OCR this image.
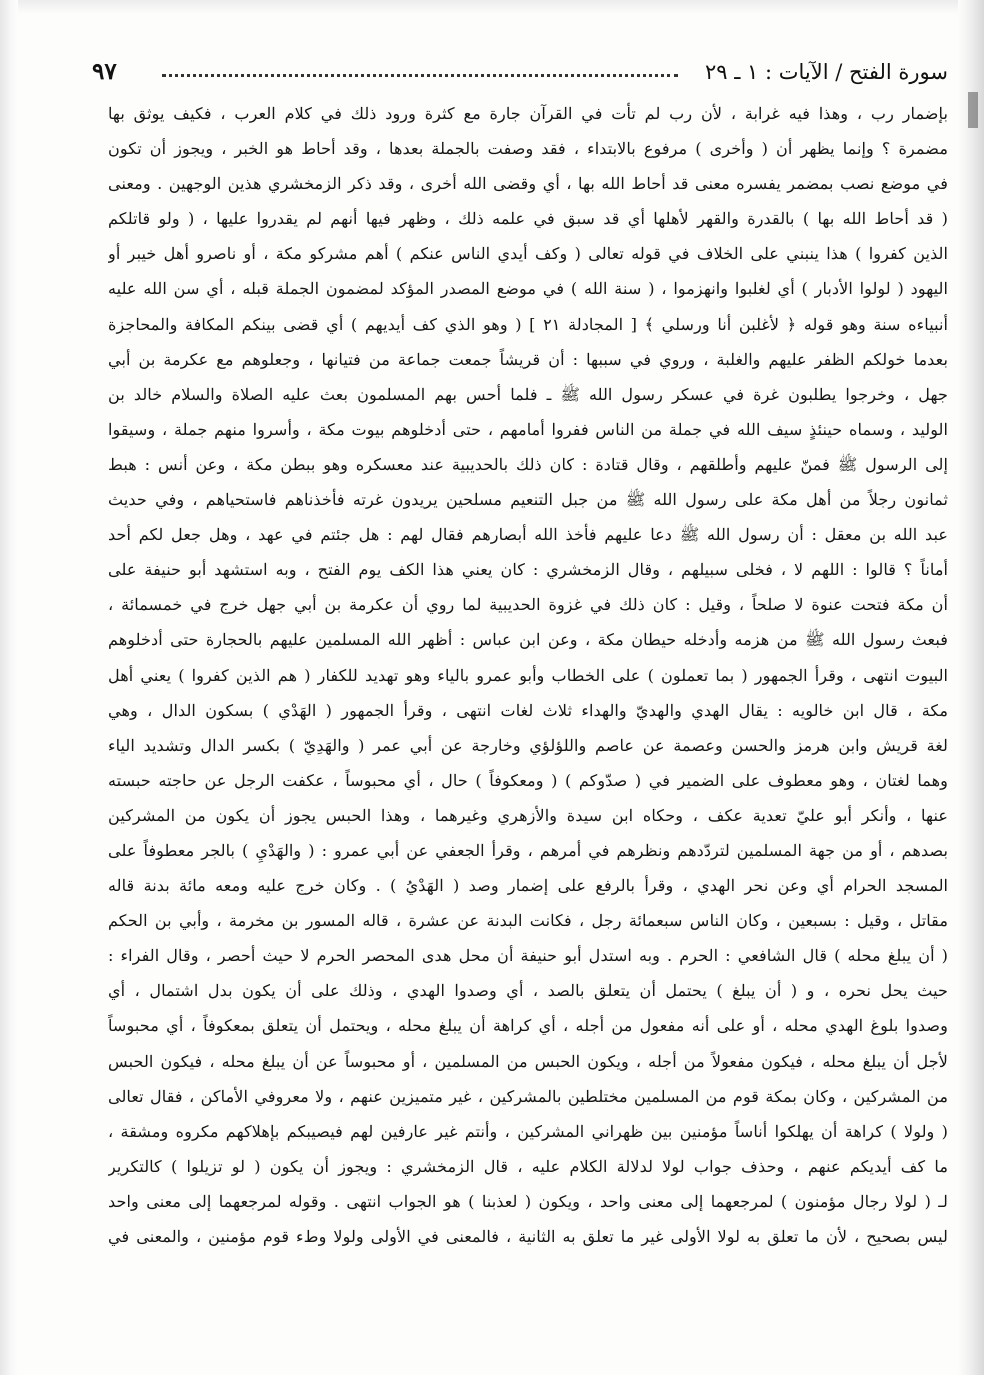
سورة الفتح / الآيات : ١ ـ ٢٩
٩٧
بإضمار رب ، وهذا فيه غرابة ، لأن رب لم تأت في القرآن جارة مع كثرة ورود ذلك في كلام العرب ، فكيف يوثق بها
مضمرة ؟ وإنما يظهر أن ( وأخرى ) مرفوع بالابتداء ، فقد وصفت بالجملة بعدها ، وقد أحاط هو الخبر ، ويجوز أن تكون
في موضع نصب بمضمر يفسره معنى قد أحاط الله بها ، أي وقضى الله أخرى ، وقد ذكر الزمخشري هذين الوجهين . ومعنى
( قد أحاط الله بها ) بالقدرة والقهر لأهلها أي قد سبق في علمه ذلك ، وظهر فيها أنهم لم يقدروا عليها ، ( ولو قاتلكم
الذين كفروا ) هذا ينبني على الخلاف في قوله تعالى ( وكف أيدي الناس عنكم ) أهم مشركو مكة ، أو ناصرو أهل خيبر أو
اليهود ( لولوا الأدبار ) أي لغلبوا وانهزموا ، ( سنة الله ) في موضع المصدر المؤكد لمضمون الجملة قبله ، أي سن الله عليه
أنبياءه سنة وهو قوله ﴿ لأغلبن أنا ورسلي ﴾ [ المجادلة ٢١ ] ( وهو الذي كف أيديهم ) أي قضى بينكم المكافة والمحاجزة
بعدما خولكم الظفر عليهم والغلبة ، وروي في سببها : أن قريشاً جمعت جماعة من فتيانها ، وجعلوهم مع عكرمة بن أبي
جهل ، وخرجوا يطلبون غرة في عسكر رسول الله ﷺ ـ فلما أحس بهم المسلمون بعث عليه الصلاة والسلام خالد بن
الوليد ، وسماه حينئذٍ سيف الله في جملة من الناس ففروا أمامهم ، حتى أدخلوهم بيوت مكة ، وأسروا منهم جملة ، وسيقوا
إلى الرسول ﷺ فمنّ عليهم وأطلقهم ، وقال قتادة : كان ذلك بالحديبية عند معسكره وهو ببطن مكة ، وعن أنس : هبط
ثمانون رجلاً من أهل مكة على رسول الله ﷺ من جبل التنعيم مسلحين يريدون غرته فأخذناهم فاستحياهم ، وفي حديث
عبد الله بن معقل : أن رسول الله ﷺ دعا عليهم فأخذ الله أبصارهم فقال لهم : هل جئتم في عهد ، وهل جعل لكم أحد
أماناً ؟ قالوا : اللهم لا ، فخلى سبيلهم ، وقال الزمخشري : كان يعني هذا الكف يوم الفتح ، وبه استشهد أبو حنيفة على
أن مكة فتحت عنوة لا صلحاً ، وقيل : كان ذلك في غزوة الحديبية لما روي أن عكرمة بن أبي جهل خرج في خمسمائة ،
فبعث رسول الله ﷺ من هزمه وأدخله حيطان مكة ، وعن ابن عباس : أظهر الله المسلمين عليهم بالحجارة حتى أدخلوهم
البيوت انتهى ، وقرأ الجمهور ( بما تعملون ) على الخطاب وأبو عمرو بالياء وهو تهديد للكفار ( هم الذين كفروا ) يعني أهل
مكة ، قال ابن خالويه : يقال الهدي والهديّ والهداء ثلاث لغات انتهى ، وقرأ الجمهور ( الهَدْي ) بسكون الدال ، وهي
لغة قريش وابن هرمز والحسن وعصمة عن عاصم واللؤلؤي وخارجة عن أبي عمر ( والهَدِيّ ) بكسر الدال وتشديد الياء
وهما لغتان ، وهو معطوف على الضمير في ( صدّوكم ) ( ومعكوفاً ) حال ، أي محبوساً ، عكفت الرجل عن حاجته حبسته
عنها ، وأنكر أبو عليّ تعدية عكف ، وحكاه ابن سيدة والأزهري وغيرهما ، وهذا الحبس يجوز أن يكون من المشركين
بصدهم ، أو من جهة المسلمين لتردّدهم ونظرهم في أمرهم ، وقرأ الجعفي عن أبي عمرو : ( والهَدْيِ ) بالجر معطوفاً على
المسجد الحرام أي وعن نحر الهدي ، وقرأ بالرفع على إضمار وصد ( الهَدْيُ ) . وكان خرج عليه ومعه مائة بدنة قاله
مقاتل ، وقيل : بسبعين ، وكان الناس سبعمائة رجل ، فكانت البدنة عن عشرة ، قاله المسور بن مخرمة ، وأبي بن الحكم
( أن يبلغ محله ) قال الشافعي : الحرم . وبه استدل أبو حنيفة أن محل هدى المحصر الحرم لا حيث أحصر ، وقال الفراء :
حيث يحل نحره ، و ( أن يبلغ ) يحتمل أن يتعلق بالصد ، أي وصدوا الهدي ، وذلك على أن يكون بدل اشتمال ، أي
وصدوا بلوغ الهدي محله ، أو على أنه مفعول من أجله ، أي كراهة أن يبلغ محله ، ويحتمل أن يتعلق بمعكوفاً ، أي محبوساً
لأجل أن يبلغ محله ، فيكون مفعولاً من أجله ، ويكون الحبس من المسلمين ، أو محبوساً عن أن يبلغ محله ، فيكون الحبس
من المشركين ، وكان بمكة قوم من المسلمين مختلطين بالمشركين ، غير متميزين عنهم ، ولا معروفي الأماكن ، فقال تعالى
( ولولا ) كراهة أن يهلكوا أناساً مؤمنين بين ظهراني المشركين ، وأنتم غير عارفين لهم فيصيبكم بإهلاكهم مكروه ومشقة ،
ما كف أيديكم عنهم ، وحذف جواب لولا لدلالة الكلام عليه ، قال الزمخشري : ويجوز أن يكون ( لو تزيلوا ) كالتكرير
لـ ( لولا رجال مؤمنون ) لمرجعهما إلى معنى واحد ، ويكون ( لعذبنا ) هو الجواب انتهى . وقوله لمرجعهما إلى معنى واحد
ليس بصحيح ، لأن ما تعلق به لولا الأولى غير ما تعلق به الثانية ، فالمعنى في الأولى ولولا وطء قوم مؤمنين ، والمعنى في
